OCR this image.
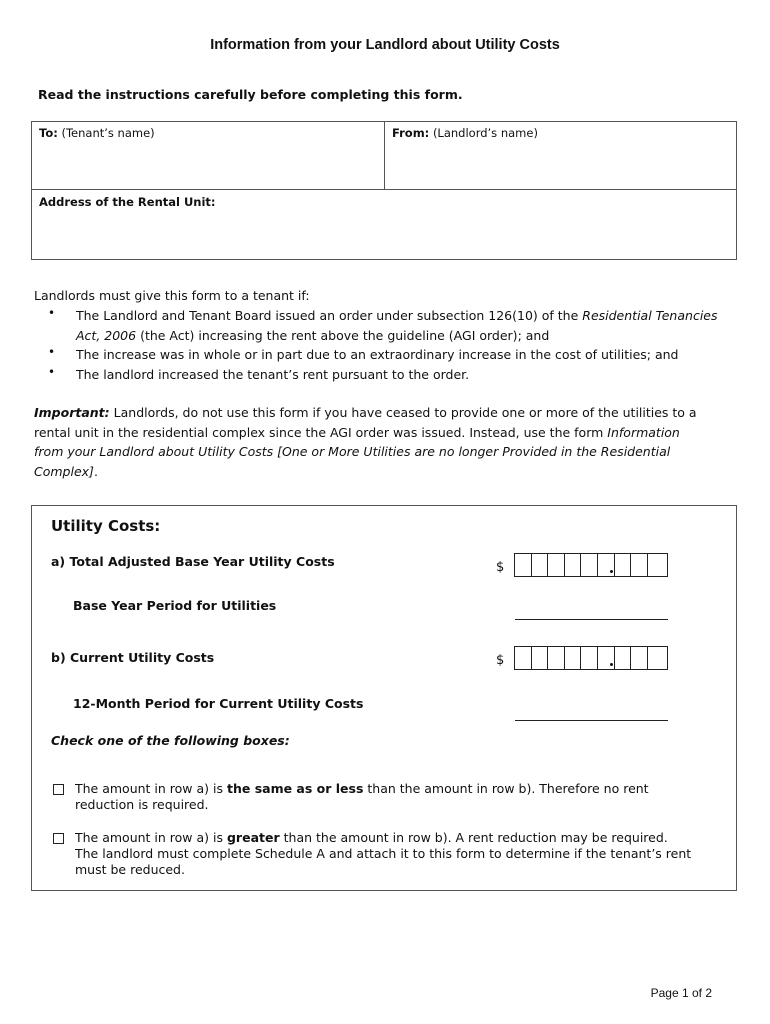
Information from your Landlord about Utility Costs
Read the instructions carefully before completing this form.
To: (Tenant’s name)	From: (Landlord’s name)
Address of the Rental Unit:
Landlords must give this form to a tenant if:
• The Landlord and Tenant Board issued an order under subsection 126(10) of the Residential Tenancies
Act, 2006 (the Act) increasing the rent above the guideline (AGI order); and
• The increase was in whole or in part due to an extraordinary increase in the cost of utilities; and
• The landlord increased the tenant’s rent pursuant to the order.
Important: Landlords, do not use this form if you have ceased to provide one or more of the utilities to a
rental unit in the residential complex since the AGI order was issued. Instead, use the form Information
from your Landlord about Utility Costs [One or More Utilities are no longer Provided in the Residential
Complex].
Utility Costs:
a) Total Adjusted Base Year Utility Costs	$
Base Year Period for Utilities
b) Current Utility Costs	$
12-Month Period for Current Utility Costs
Check one of the following boxes:
The amount in row a) is the same as or less than the amount in row b). Therefore no rent
reduction is required.
The amount in row a) is greater than the amount in row b). A rent reduction may be required.
The landlord must complete Schedule A and attach it to this form to determine if the tenant’s rent
must be reduced.
Page 1 of 2
